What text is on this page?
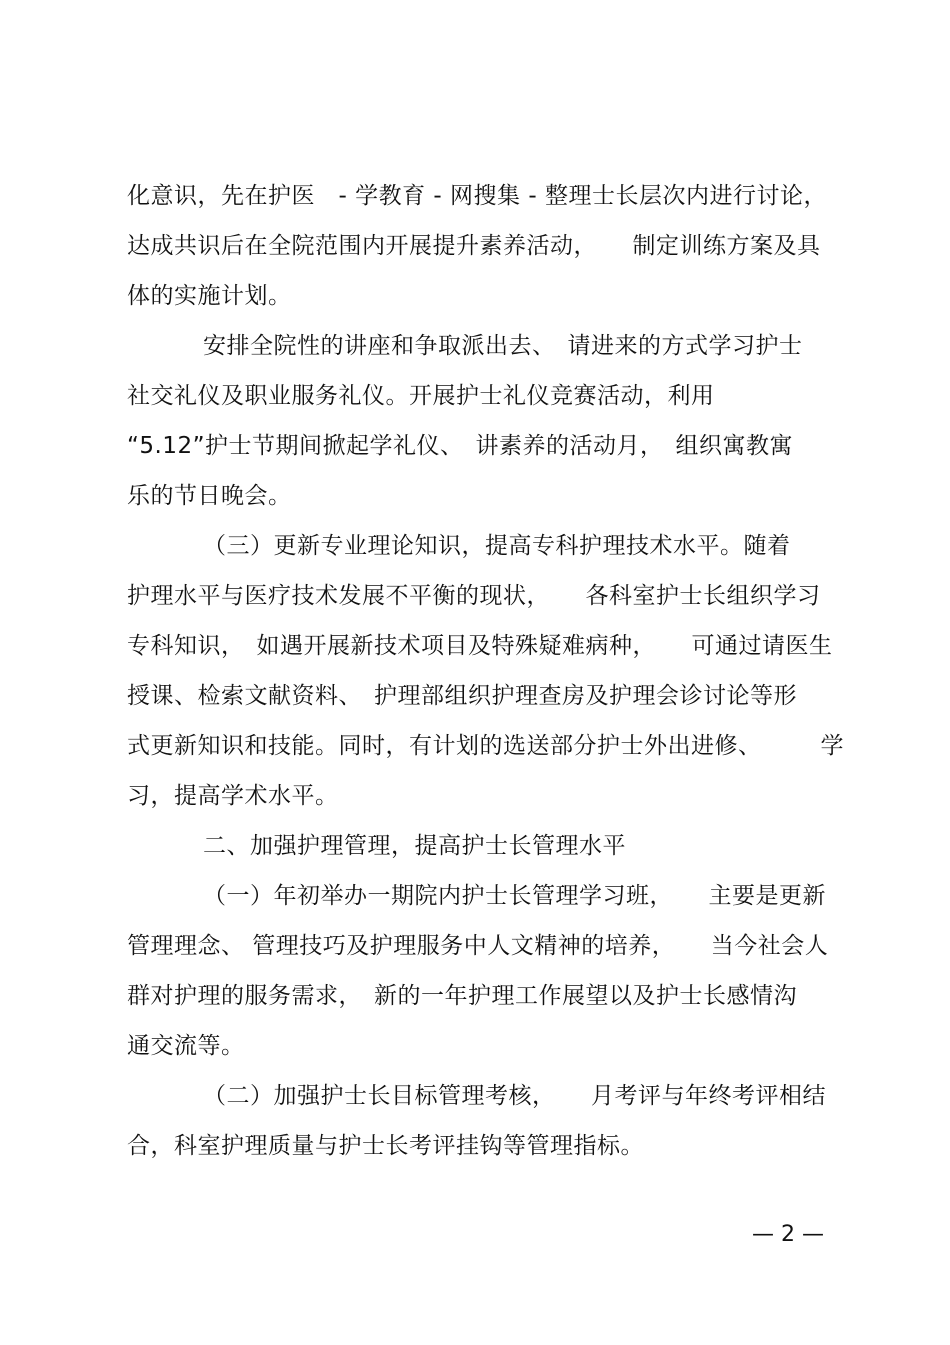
化意识，先在护医　- 学教育 - 网搜集 - 整理士长层次内进行讨论，
达成共识后在全院范围内开展提升素养活动，　　制定训练方案及具
体的实施计划。
安排全院性的讲座和争取派出去、　请进来的方式学习护士
社交礼仪及职业服务礼仪。开展护士礼仪竞赛活动，利用
“5.12”护士节期间掀起学礼仪、　讲素养的活动月，　组织寓教寓
乐的节日晚会。
（三）更新专业理论知识，提高专科护理技术水平。随着
护理水平与医疗技术发展不平衡的现状，　　各科室护士长组织学习
专科知识，　如遇开展新技术项目及特殊疑难病种，　　可通过请医生
授课、检索文献资料、　护理部组织护理查房及护理会诊讨论等形
式更新知识和技能。同时，有计划的选送部分护士外出进修、　　　学
习，提高学术水平。
二、加强护理管理，提高护士长管理水平
（一）年初举办一期院内护士长管理学习班，　　主要是更新
管理理念、 管理技巧及护理服务中人文精神的培养，　　当今社会人
群对护理的服务需求，　新的一年护理工作展望以及护士长感情沟
通交流等。
（二）加强护士长目标管理考核，　　月考评与年终考评相结
合，科室护理质量与护士长考评挂钩等管理指标。
— 2 —
